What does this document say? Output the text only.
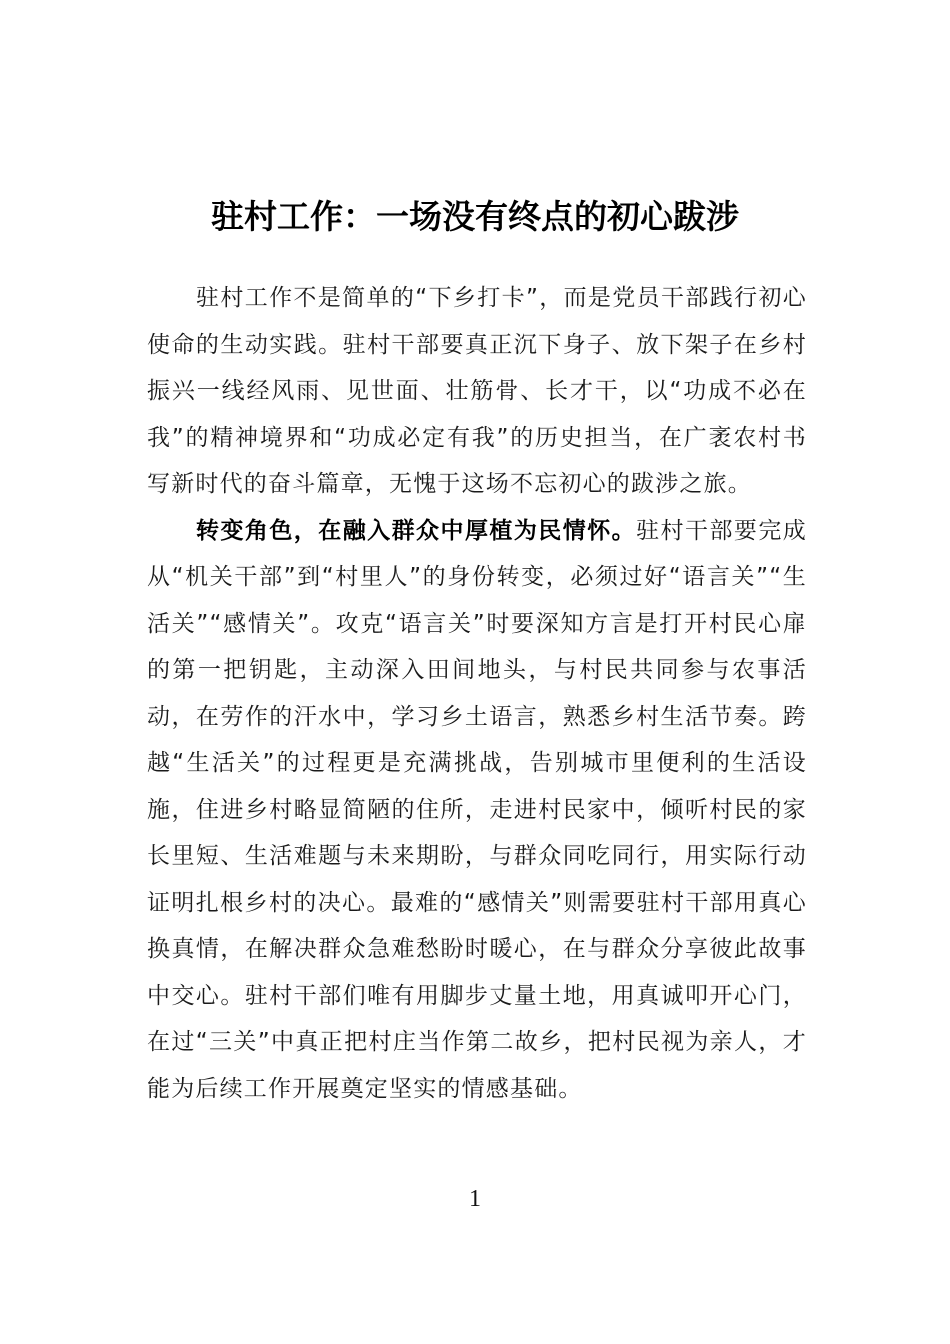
驻村工作：一场没有终点的初心跋涉

驻村工作不是简单的“下乡打卡”，而是党员干部践行初心使命的生动实践。驻村干部要真正沉下身子、放下架子在乡村振兴一线经风雨、见世面、壮筋骨、长才干，以“功成不必在我”的精神境界和“功成必定有我”的历史担当，在广袤农村书写新时代的奋斗篇章，无愧于这场不忘初心的跋涉之旅。

转变角色，在融入群众中厚植为民情怀。驻村干部要完成从“机关干部”到“村里人”的身份转变，必须过好“语言关”“生活关”“感情关”。攻克“语言关”时要深知方言是打开村民心扉的第一把钥匙，主动深入田间地头，与村民共同参与农事活动，在劳作的汗水中，学习乡土语言，熟悉乡村生活节奏。跨越“生活关”的过程更是充满挑战，告别城市里便利的生活设施，住进乡村略显简陋的住所，走进村民家中，倾听村民的家长里短、生活难题与未来期盼，与群众同吃同行，用实际行动证明扎根乡村的决心。最难的“感情关”则需要驻村干部用真心换真情，在解决群众急难愁盼时暖心，在与群众分享彼此故事中交心。驻村干部们唯有用脚步丈量土地，用真诚叩开心门，在过“三关”中真正把村庄当作第二故乡，把村民视为亲人，才能为后续工作开展奠定坚实的情感基础。

1
